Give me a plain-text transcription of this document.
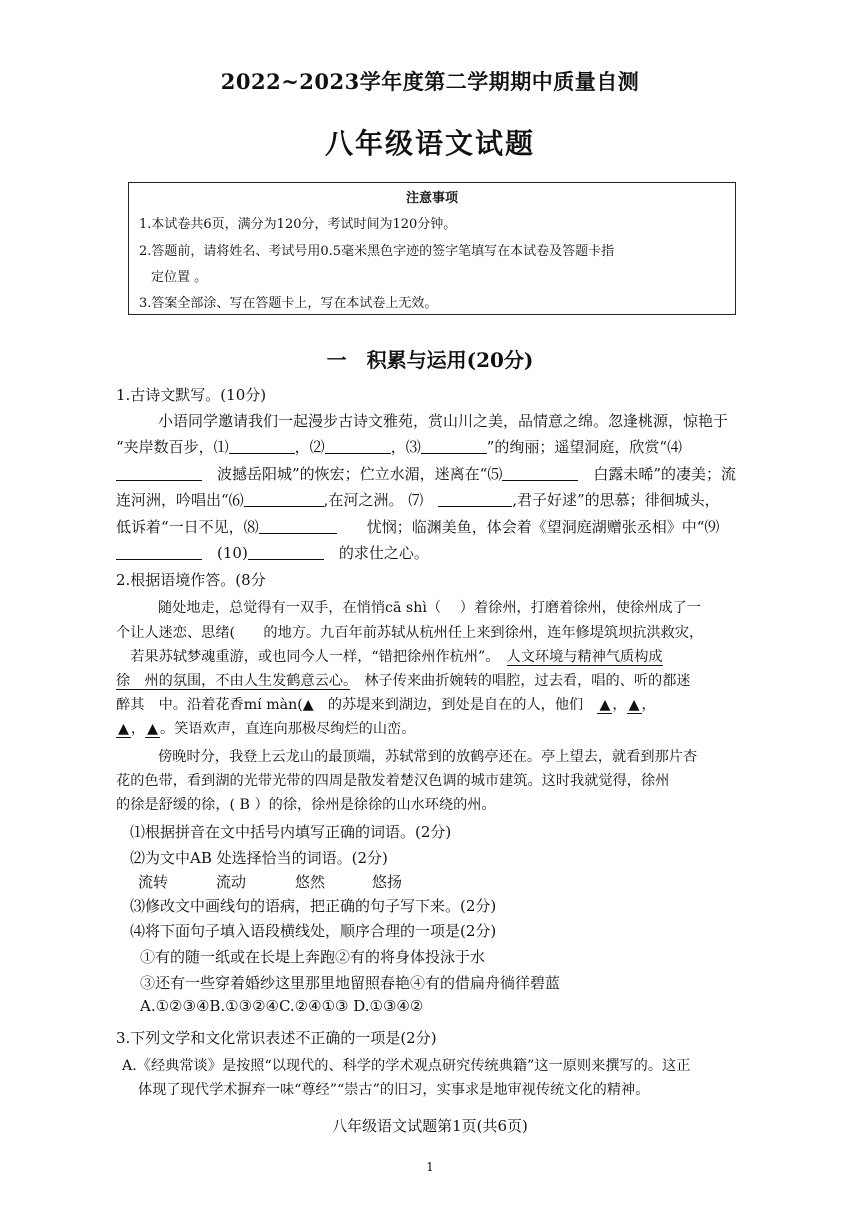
2022~2023学年度第二学期期中质量自测
八年级语文试题
注意事项
1.本试卷共6页，满分为120分，考试时间为120分钟。
2.答题前，请将姓名、考试号用0.5毫米黑色字迹的签字笔填写在本试卷及答题卡指
定位置 。
3.答案全部涂、写在答题卡上，写在本试卷上无效。
一　积累与运用(20分)
1.古诗文默写。(10分)
小语同学邀请我们一起漫步古诗文雅苑，赏山川之美，品情意之绵。忽逢桃源，惊艳于
“夹岸数百步，⑴	，⑵	，⑶	”的绚丽；遥望洞庭，欣赏“⑷
　波撼岳阳城”的恢宏；伫立水湄，迷离在“⑸　	白露未晞”的凄美；流
连河洲，吟唱出“⑹	,在河之洲。 ⑺　	,君子好逑”的思慕；徘徊城头，
低诉着“一日不见，⑻　　	忧悯；临渊美鱼，体会着《望洞庭湖赠张丞相》中“⑼
　(10)　	的求仕之心。
2.根据语境作答。(8分
随处地走，总觉得有一双手，在悄悄cā shì（　 ）着徐州，打磨着徐州，使徐州成了一
个让人迷恋、思绪(　　的地方。九百年前苏轼从杭州任上来到徐州，连年修堤筑坝抗洪救灾，
　若果苏轼梦魂重游，或也同今人一样，“错把徐州作杭州”。　 人文环境与精神气质构成
徐　州的氛围，不由人生发鹤意云心。　 林子传来曲折婉转的唱腔，过去看，唱的、听的都迷
醉其　中。沿着花香mí màn(▲　的苏堤来到湖边，到处是自在的人，他们　 ▲ ， ▲ ，
▲ ， ▲ 。笑语欢声，直连向那极尽绚烂的山峦。
傍晚时分，我登上云龙山的最顶端，苏轼常到的放鹤亭还在。亭上望去，就看到那片杏
花的色带，看到湖的光带光带的四周是散发着楚汉色调的城市建筑。这时我就觉得，徐州
的徐是舒缓的徐，( B ）的徐，徐州是徐徐的山水环绕的州。
⑴根据拼音在文中括号内填写正确的词语。(2分)
⑵为文中AB 处选择恰当的词语。(2分)
流转	流动	悠然	悠扬
⑶修改文中画线句的语病，把正确的句子写下来。(2分)
⑷将下面句子填入语段横线处，顺序合理的一项是(2分)
①有的随一纸或在长堤上奔跑②有的将身体投泳于水
③还有一些穿着婚纱这里那里地留照春艳④有的借扁舟徜徉碧蓝
A.①②③④B.①③②④C.②④①③ D.①③④②
3.下列文学和文化常识表述不正确的一项是(2分)
A.《经典常谈》是按照“以现代的、科学的学术观点研究传统典籍”这一原则来撰写的。这正
体现了现代学术摒弃一味“尊经”“崇古”的旧习，实事求是地审视传统文化的精神。
八年级语文试题第1页(共6页)
1
